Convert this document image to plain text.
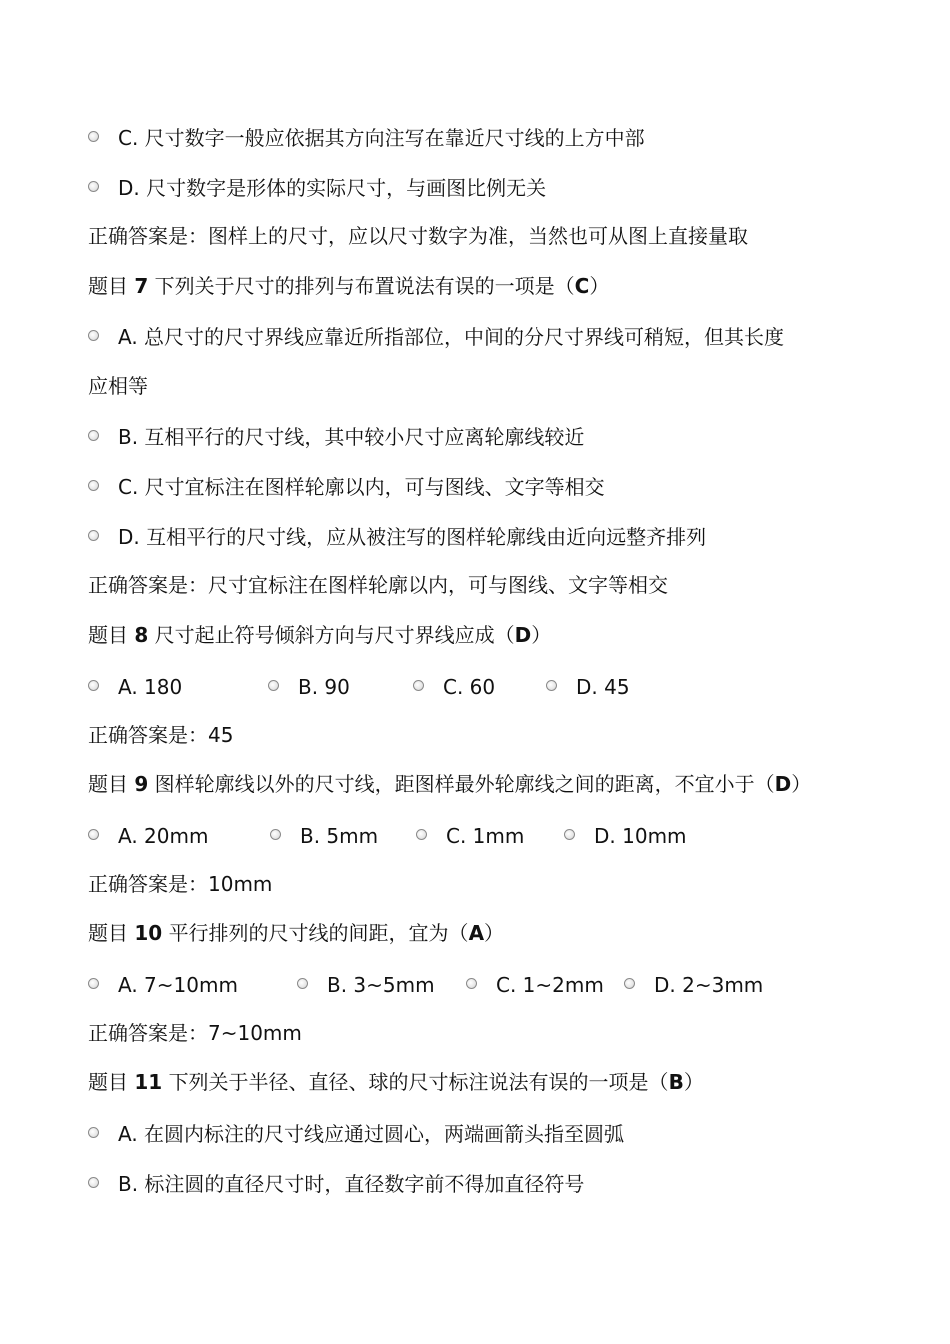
C. 尺寸数字一般应依据其方向注写在靠近尺寸线的上方中部
D. 尺寸数字是形体的实际尺寸，与画图比例无关
正确答案是：图样上的尺寸，应以尺寸数字为准，当然也可从图上直接量取
题目 7 下列关于尺寸的排列与布置说法有误的一项是（C）
A. 总尺寸的尺寸界线应靠近所指部位，中间的分尺寸界线可稍短，但其长度
应相等
B. 互相平行的尺寸线，其中较小尺寸应离轮廓线较近
C. 尺寸宜标注在图样轮廓以内，可与图线、文字等相交
D. 互相平行的尺寸线，应从被注写的图样轮廓线由近向远整齐排列
正确答案是：尺寸宜标注在图样轮廓以内，可与图线、文字等相交
题目 8 尺寸起止符号倾斜方向与尺寸界线应成（D）
A. 180	B. 90	C. 60	D. 45
正确答案是：45
题目 9 图样轮廓线以外的尺寸线，距图样最外轮廓线之间的距离，不宜小于（D）
A. 20mm	B. 5mm	C. 1mm	D. 10mm
正确答案是：10mm
题目 10 平行排列的尺寸线的间距，宜为（A）
A. 7~10mm	B. 3~5mm	C. 1~2mm	D. 2~3mm
正确答案是：7~10mm
题目 11 下列关于半径、直径、球的尺寸标注说法有误的一项是（B）
A. 在圆内标注的尺寸线应通过圆心，两端画箭头指至圆弧
B. 标注圆的直径尺寸时，直径数字前不得加直径符号
